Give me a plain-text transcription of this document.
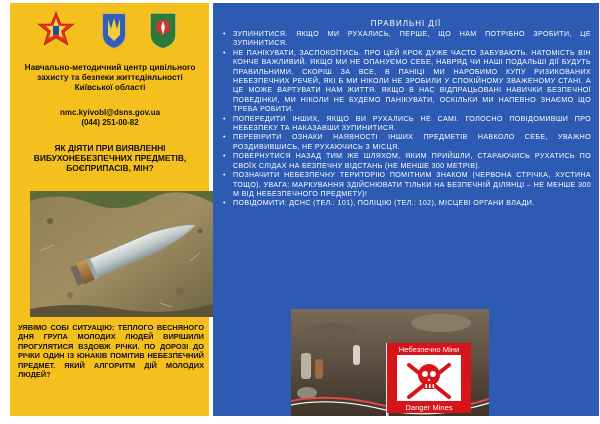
Навчально-методичний центр цивільного захисту та безпеки життєдіяльності Київської області
nmc.kyivobl@dsns.gov.ua
(044) 251-00-82
ЯК ДІЯТИ ПРИ ВИЯВЛЕННІ ВИБУХОНЕБЕЗПЕЧНИХ ПРЕДМЕТІВ, БОЄПРИПАСІВ, МІН?
УЯВІМО СОБІ СИТУАЦІЮ: ТЕПЛОГО ВЕСНЯНОГО ДНЯ ГРУПА МОЛОДИХ ЛЮДЕЙ ВИРІШИЛИ ПРОГУЛЯТИСЯ ВЗДОВЖ РІЧКИ. ПО ДОРОЗІ ДО РІЧКИ ОДИН ІЗ ЮНАКІВ ПОМІТИВ НЕБЕЗПЕЧНИЙ ПРЕДМЕТ. ЯКИЙ АЛГОРИТМ ДІЙ МОЛОДИХ ЛЮДЕЙ?
ПРАВИЛЬНІ ДІЇ
• ЗУПИНИТИСЯ. ЯКЩО МИ РУХАЛИСЬ, ПЕРШЕ, ЩО НАМ ПОТРІБНО ЗРОБИТИ, ЦЕ ЗУПИНИТИСЯ.
• НЕ ПАНІКУВАТИ, ЗАСПОКОЇТИСЬ. ПРО ЦЕЙ КРОК ДУЖЕ ЧАСТО ЗАБУВАЮТЬ. НАТОМІСТЬ ВІН КОНЧЕ ВАЖЛИВИЙ. ЯКЩО МИ НЕ ОПАНУЄМО СЕБЕ, НАВРЯД ЧИ НАШІ ПОДАЛЬШІ ДІЇ БУДУТЬ ПРАВИЛЬНИМИ, СКОРІШ ЗА ВСЕ, В ПАНІЦІ МИ НАРОБИМО КУПУ РИЗИКОВАНИХ НЕБЕЗПЕЧНИХ РЕЧЕЙ, ЯКІ Б МИ НІКОЛИ НЕ ЗРОБИЛИ У СПОКІЙНОМУ ЗВАЖЕНОМУ СТАНІ. А ЦЕ МОЖЕ ВАРТУВАТИ НАМ ЖИТТЯ. ЯКЩО В НАС ВІДПРАЦЬОВАНІ НАВИЧКИ БЕЗПЕЧНОЇ ПОВЕДІНКИ, МИ НІКОЛИ НЕ БУДЕМО ПАНІКУВАТИ, ОСКІЛЬКИ МИ НАПЕВНО ЗНАЄМО ЩО ТРЕБА РОБИТИ.
• ПОПЕРЕДИТИ ІНШИХ, ЯКЩО ВИ РУХАЛИСЬ НЕ САМІ. ГОЛОСНО ПОВІДОМИВШИ ПРО НЕБЕЗПЕКУ ТА НАКАЗАВШИ ЗУПИНИТИСЯ.
• ПЕРЕВІРИТИ ОЗНАКИ НАЯВНОСТІ ІНШИХ ПРЕДМЕТІВ НАВКОЛО СЕБЕ, УВАЖНО РОЗДИВИВШИСЬ, НЕ РУХАЮЧИСЬ З МІСЦЯ.
• ПОВЕРНУТИСЯ НАЗАД ТИМ ЖЕ ШЛЯХОМ, ЯКИМ ПРИЙШЛИ, СТАРАЮЧИСЬ РУХАТИСЬ ПО СВОЇХ СЛІДАХ НА БЕЗПЕЧНУ ВІДСТАНЬ (НЕ МЕНШЕ 300 МЕТРІВ).
• ПОЗНАЧИТИ НЕБЕЗПЕЧНУ ТЕРИТОРІЮ ПОМІТНИМ ЗНАКОМ (ЧЕРВОНА СТРІЧКА, ХУСТИНА ТОЩО). УВАГА: МАРКУВАННЯ ЗДІЙСНЮВАТИ ТІЛЬКИ НА БЕЗПЕЧНІЙ ДІЛЯНЦІ – НЕ МЕНШЕ 300 М ВІД НЕБЕЗПЕЧНОГО ПРЕДМЕТУ)!
• ПОВІДОМИТИ: ДСНС (ТЕЛ.: 101), ПОЛІЦІЮ (ТЕЛ.: 102), МІСЦЕВІ ОРГАНИ ВЛАДИ.
Небезпечно Міни
Danger Mines
